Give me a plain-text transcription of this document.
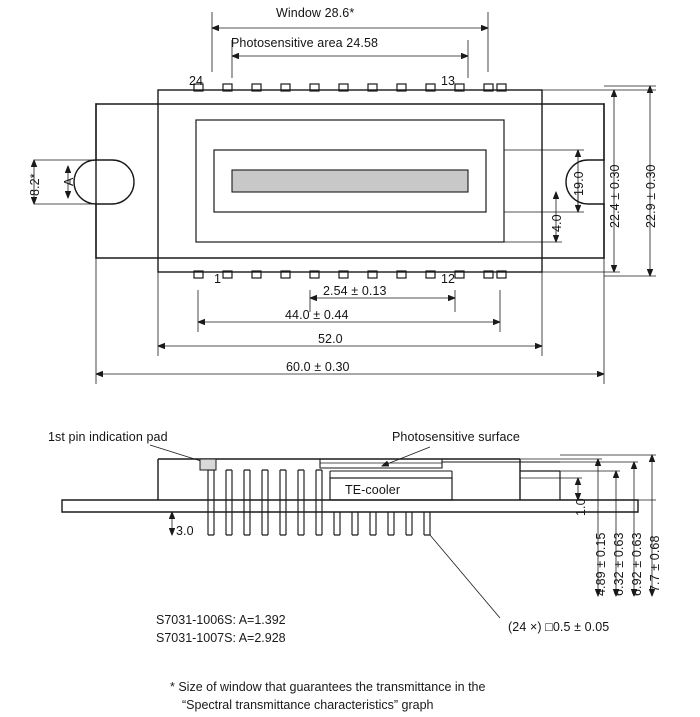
Window 28.6*
Photosensitive area 24.58
24	13
1	12
8.2* A	19.0
4.0	22.4 ± 0.30 22.9 ± 0.30
2.54 ± 0.13
44.0 ± 0.44
52.0
60.0 ± 0.30
1st pin indication pad	Photosensitive surface
TE-cooler
(24 ×) □0.5 ± 0.05
3.0
1.0
4.89 ± 0.15 6.32 ± 0.63 6.92 ± 0.63 7.7 ± 0.68
S7031-1006S: A=1.392
S7031-1007S: A=2.928
* Size of window that guarantees the transmittance in the
“Spectral transmittance characteristics” graph
